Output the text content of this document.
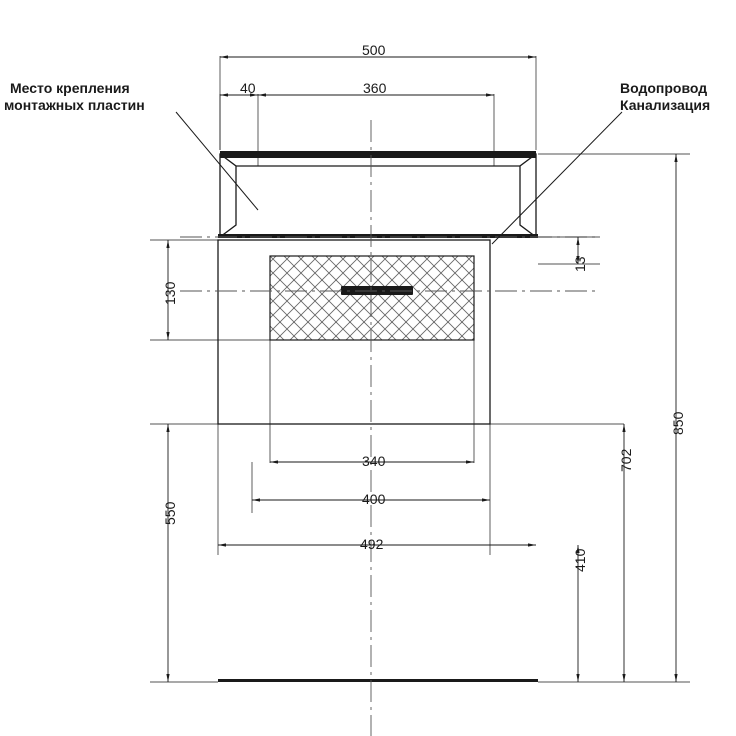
Место крепления
монтажных пластин
Водопровод
Канализация
500
40	360
130
550
13
340
400
492
702
410
850
